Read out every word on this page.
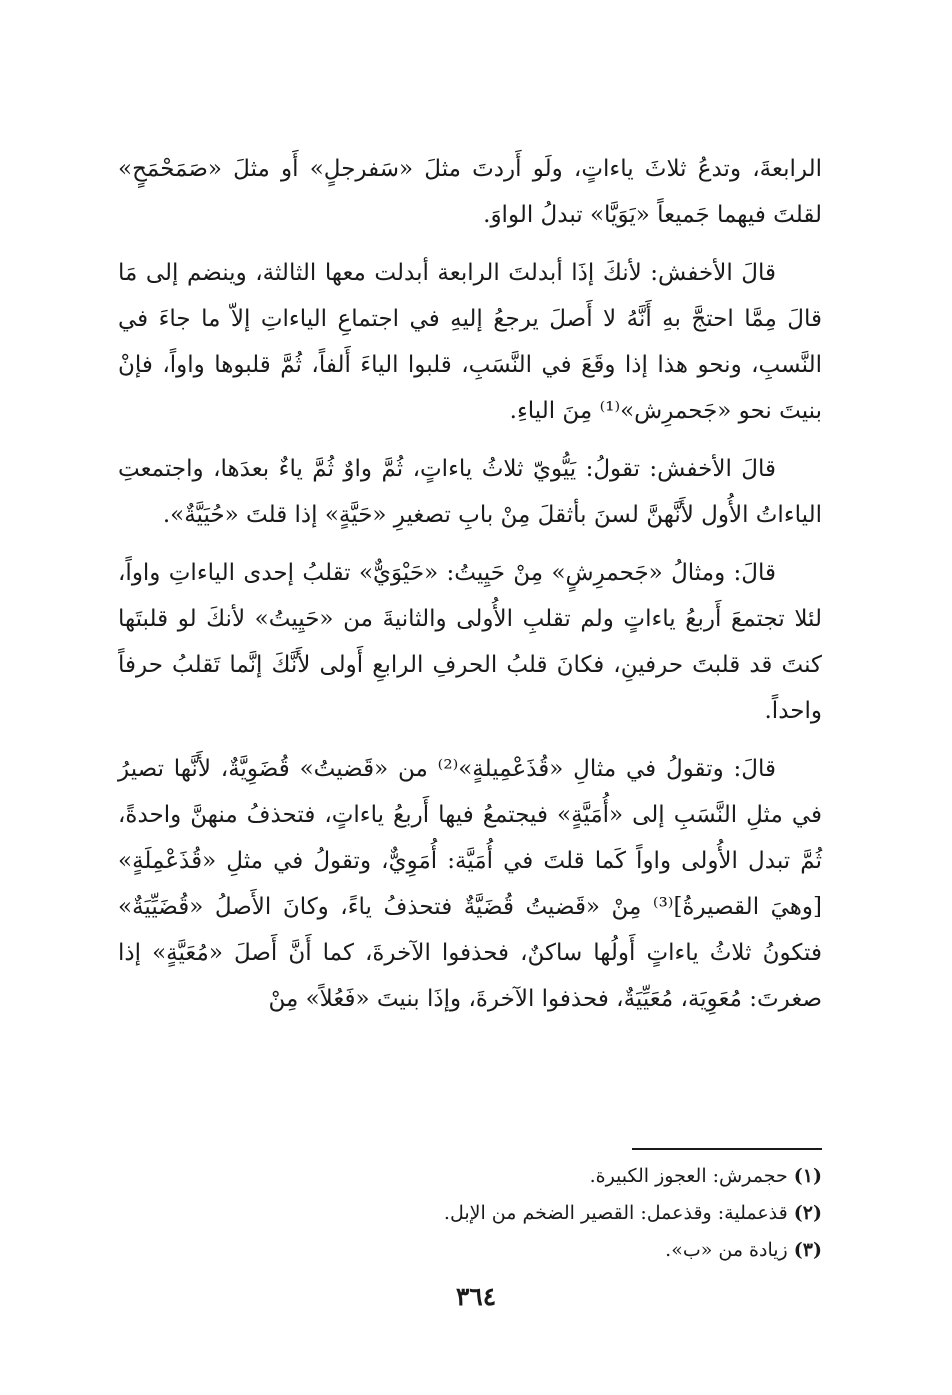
الرابعةَ، وتدعُ ثلاثَ ياءاتٍ، ولَو أَردتَ مثلَ «سَفرجلٍ» أَو مثلَ «صَمَحْمَحٍ» لقلتَ فيهما جَميعاً «يَوَيَّا» تبدلُ الواوَ.

قالَ الأخفش: لأنكَ إذَا أبدلتَ الرابعة أبدلت معها الثالثة، وينضم إلى مَا قالَ مِمَّا احتجَّ بهِ أَنَّهُ لا أَصلَ يرجعُ إليهِ في اجتماعِ الياءاتِ إلاّ ما جاءَ في النَّسبِ، ونحو هذا إذا وقَعَ في النَّسَبِ، قلبوا الياءَ أَلفاً، ثُمَّ قلبوها واواً، فإنْ بنيتَ نحو «جَحمرِش»⁽¹⁾ مِنَ الياءِ.

قالَ الأخفش: تقولُ: يَيُّويّ ثلاثُ ياءاتٍ، ثُمَّ واوٌ ثُمَّ ياءٌ بعدَها، واجتمعتِ الياءاتُ الأُول لأَنَّهنَّ لسنَ بأثقلَ مِنْ بابِ تصغيرِ «حَيَّةٍ» إذا قلتَ «حُيَيَّةٌ».

قالَ: ومثالُ «جَحمرِشٍ» مِنْ حَيِيتُ: «حَيْوَيٌّ» تقلبُ إحدى الياءاتِ واواً، لئلا تجتمعَ أَربعُ ياءاتٍ ولم تقلبِ الأُولى والثانيةَ من «حَيِيتُ» لأنكَ لو قلبتَها كنتَ قد قلبتَ حرفينِ، فكانَ قلبُ الحرفِ الرابعِ أَولى لأَنَّكَ إنَّما تَقلبُ حرفاً واحداً.

قالَ: وتقولُ في مثالِ «قُذَعْمِيلةٍ»⁽²⁾ من «قَضيتُ» قُضَوِيَّةٌ، لأَنَّها تصيرُ في مثلِ النَّسَبِ إلى «أُمَيَّةٍ» فيجتمعُ فيها أَربعُ ياءاتٍ، فتحذفُ منهنَّ واحدةً، ثُمَّ تبدل الأُولى واواً كَما قلتَ في أُمَيَّة: أُمَوِيٌّ، وتقولُ في مثلِ «قُذَعْمِلَةٍ» [وهيَ القصيرةُ]⁽³⁾ مِنْ «قَضيتُ قُضَيَّةٌ فتحذفُ ياءً، وكانَ الأَصلُ «قُضَيِّيَةٌ» فتكونُ ثلاثُ ياءاتٍ أَولُها ساكنٌ، فحذفوا الآخرةَ، كما أَنَّ أَصلَ «مُعَيَّةٍ» إذا صغرتَ: مُعَوِيَة، مُعَيِّيَةٌ، فحذفوا الآخرةَ، وإذَا بنيتَ «فَعُلاً» مِنْ

(١) حجمرش: العجوز الكبيرة.

(٢) قذعملية: وقذعمل: القصير الضخم من الإبل.

(٣) زيادة من «ب».

٣٦٤
